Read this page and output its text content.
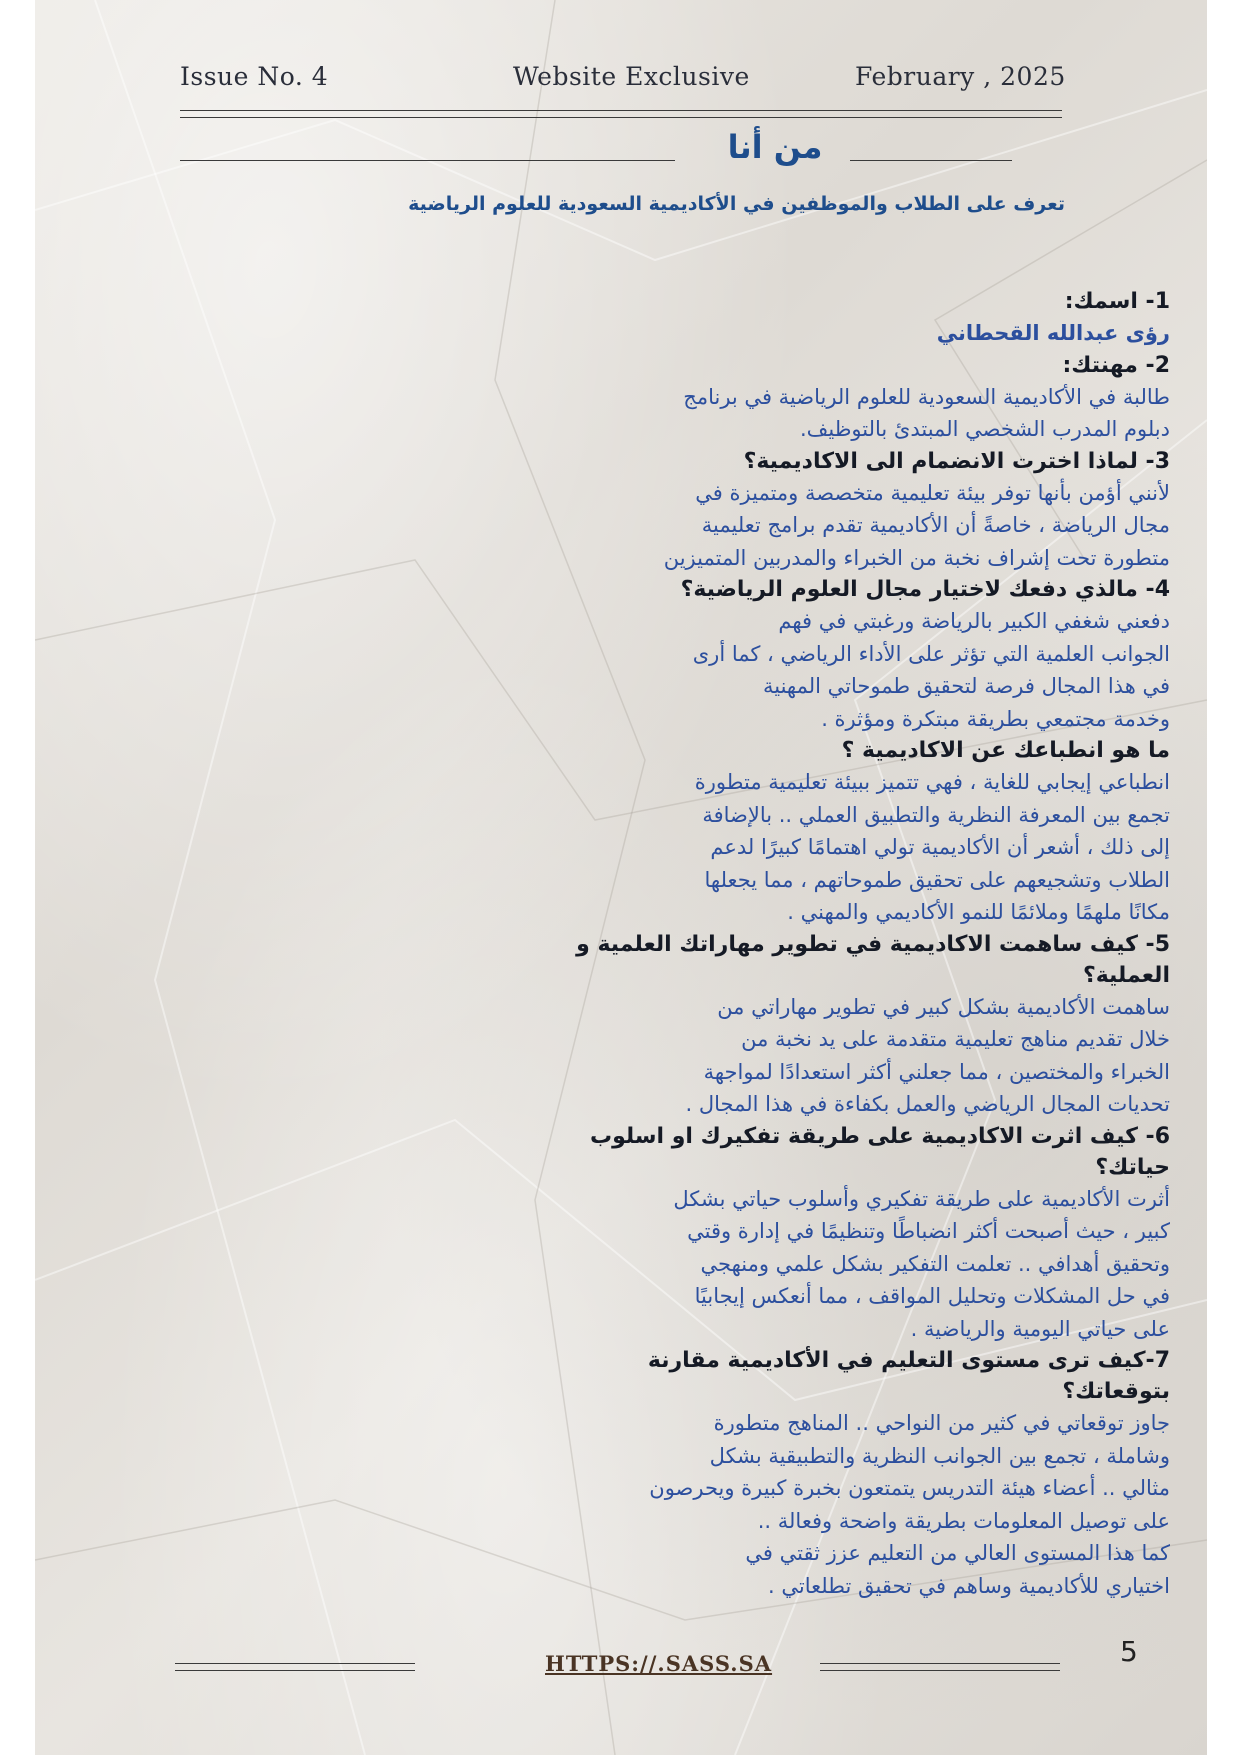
Issue No. 4	Website Exclusive	February , 2025
من أنا
تعرف على الطلاب والموظفين في الأكاديمية السعودية للعلوم الرياضية

1- اسمك:

رؤى عبدالله القحطاني

2- مهنتك:

طالبة في الأكاديمية السعودية للعلوم الرياضية في برنامج

دبلوم المدرب الشخصي المبتدئ بالتوظيف.

3- لماذا اخترت الانضمام الى الاكاديمية؟

لأنني أؤمن بأنها توفر بيئة تعليمية متخصصة ومتميزة في

مجال الرياضة ، خاصةً أن الأكاديمية تقدم برامج تعليمية

متطورة تحت إشراف نخبة من الخبراء والمدربين المتميزين

4- مالذي دفعك لاختيار مجال العلوم الرياضية؟

دفعني شغفي الكبير بالرياضة ورغبتي في فهم

الجوانب العلمية التي تؤثر على الأداء الرياضي ، كما أرى

في هذا المجال فرصة لتحقيق طموحاتي المهنية

وخدمة مجتمعي بطريقة مبتكرة ومؤثرة .

ما هو انطباعك عن الاكاديمية ؟

انطباعي إيجابي للغاية ، فهي تتميز ببيئة تعليمية متطورة

تجمع بين المعرفة النظرية والتطبيق العملي .. بالإضافة

إلى ذلك ، أشعر أن الأكاديمية تولي اهتمامًا كبيرًا لدعم

الطلاب وتشجيعهم على تحقيق طموحاتهم ، مما يجعلها

مكانًا ملهمًا وملائمًا للنمو الأكاديمي والمهني .

5- كيف ساهمت الاكاديمية في تطوير مهاراتك العلمية و العملية؟

ساهمت الأكاديمية بشكل كبير في تطوير مهاراتي من

خلال تقديم مناهج تعليمية متقدمة على يد نخبة من

الخبراء والمختصين ، مما جعلني أكثر استعدادًا لمواجهة

تحديات المجال الرياضي والعمل بكفاءة في هذا المجال .

6- كيف اثرت الاكاديمية على طريقة تفكيرك او اسلوب حياتك؟

أثرت الأكاديمية على طريقة تفكيري وأسلوب حياتي بشكل

كبير ، حيث أصبحت أكثر انضباطًا وتنظيمًا في إدارة وقتي

وتحقيق أهدافي .. تعلمت التفكير بشكل علمي ومنهجي

في حل المشكلات وتحليل المواقف ، مما أنعكس إيجابيًا

على حياتي اليومية والرياضية .

7-كيف ترى مستوى التعليم في الأكاديمية مقارنة بتوقعاتك؟

جاوز توقعاتي في كثير من النواحي .. المناهج متطورة

وشاملة ، تجمع بين الجوانب النظرية والتطبيقية بشكل

مثالي .. أعضاء هيئة التدريس يتمتعون بخبرة كبيرة ويحرصون

على توصيل المعلومات بطريقة واضحة وفعالة ..

كما هذا المستوى العالي من التعليم عزز ثقتي في

اختياري للأكاديمية وساهم في تحقيق تطلعاتي .

HTTPS://.SASS.SA	5
